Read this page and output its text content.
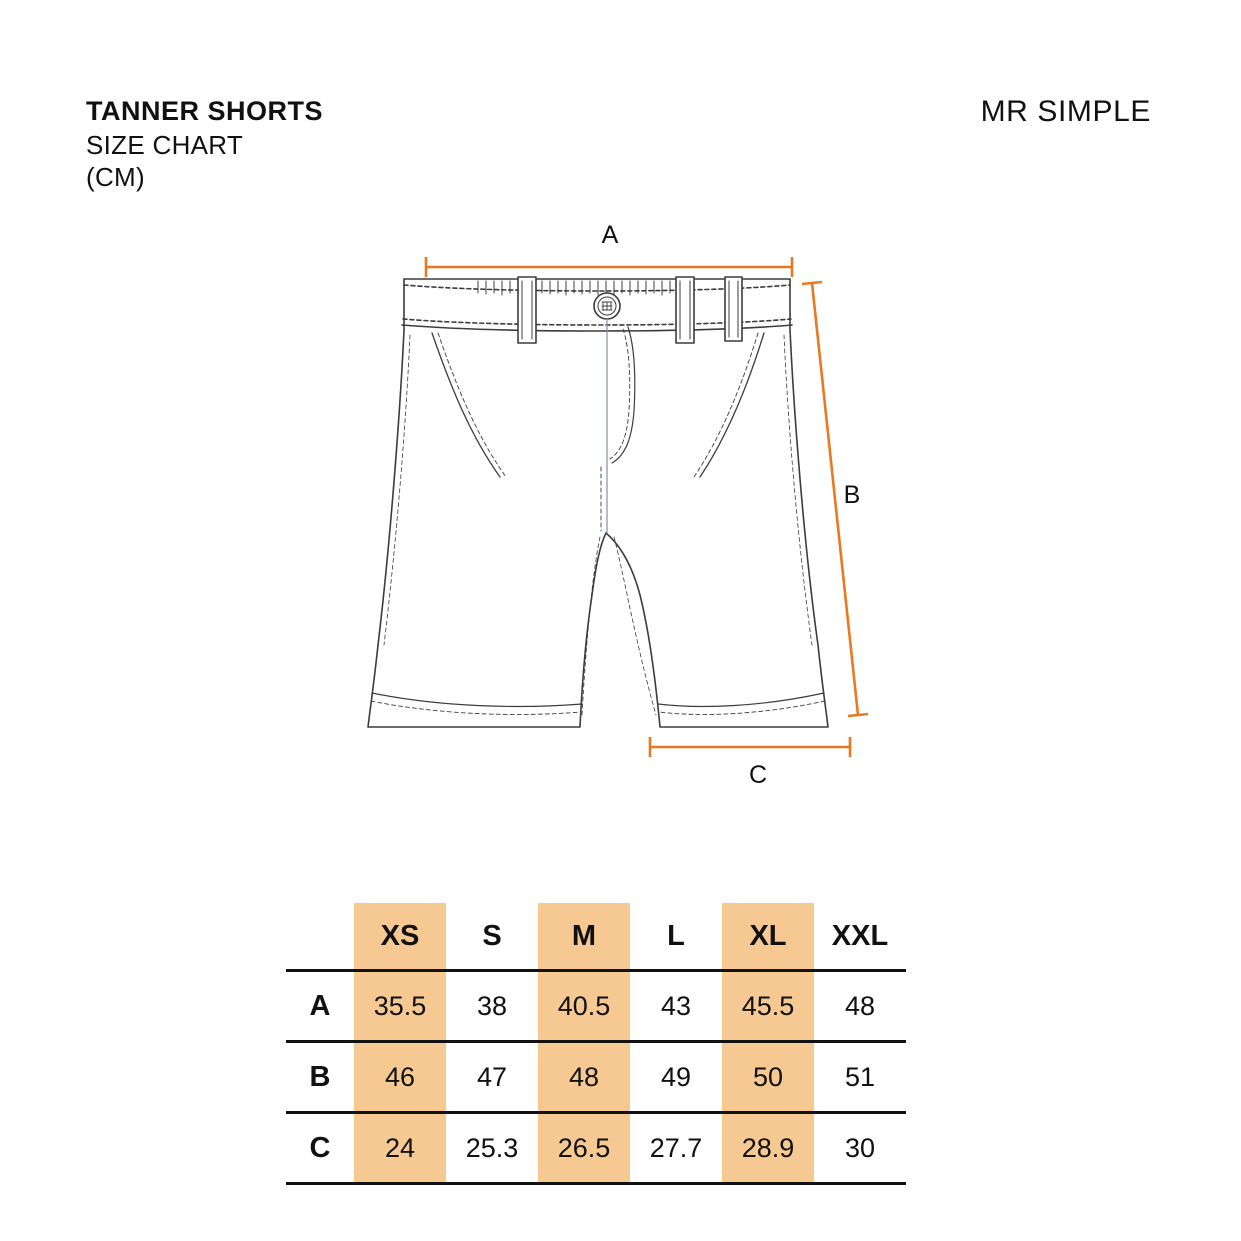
TANNER SHORTS
SIZE CHART
(CM)
MR SIMPLE
A
B
C
	XS	S	M	L	XL	XXL
A	35.5	38	40.5	43	45.5	48
B	46	47	48	49	50	51
C	24	25.3	26.5	27.7	28.9	30
